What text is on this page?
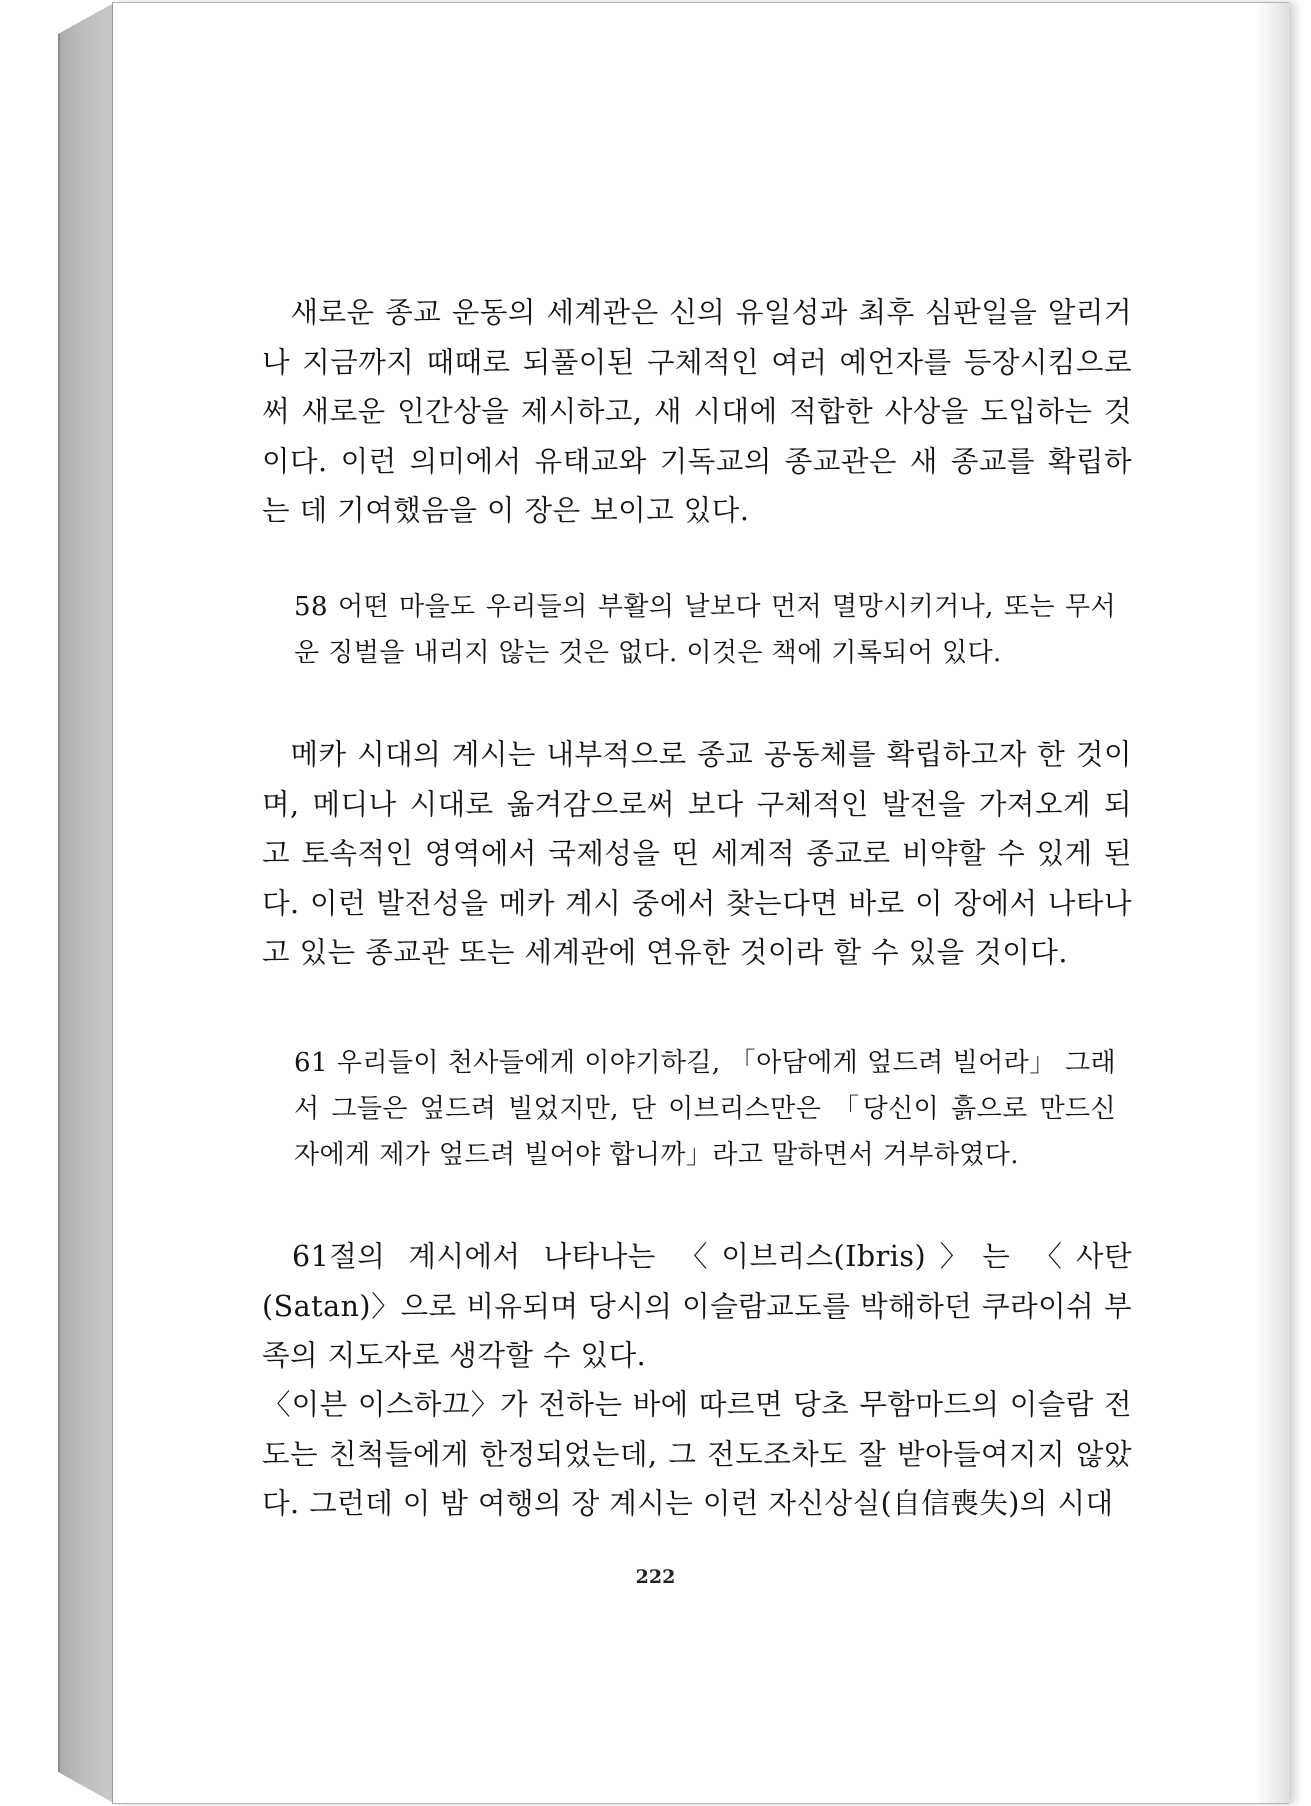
새로운 종교 운동의 세계관은 신의 유일성과 최후 심판일을 알리거나 지금까지 때때로 되풀이된 구체적인 여러 예언자를 등장시킴으로써 새로운 인간상을 제시하고, 새 시대에 적합한 사상을 도입하는 것이다. 이런 의미에서 유태교와 기독교의 종교관은 새 종교를 확립하는 데 기여했음을 이 장은 보이고 있다.

58 어떤 마을도 우리들의 부활의 날보다 먼저 멸망시키거나, 또는 무서운 징벌을 내리지 않는 것은 없다. 이것은 책에 기록되어 있다.

메카 시대의 계시는 내부적으로 종교 공동체를 확립하고자 한 것이며, 메디나 시대로 옮겨감으로써 보다 구체적인 발전을 가져오게 되고 토속적인 영역에서 국제성을 띤 세계적 종교로 비약할 수 있게 된다. 이런 발전성을 메카 계시 중에서 찾는다면 바로 이 장에서 나타나고 있는 종교관 또는 세계관에 연유한 것이라 할 수 있을 것이다.

61 우리들이 천사들에게 이야기하길, 「아담에게 엎드려 빌어라」 그래서 그들은 엎드려 빌었지만, 단 이브리스만은 「당신이 흙으로 만드신 자에게 제가 엎드려 빌어야 합니까」라고 말하면서 거부하였다.

61절의 계시에서 나타나는 〈이브리스(Ibris)〉는 〈사탄(Satan)〉으로 비유되며 당시의 이슬람교도를 박해하던 쿠라이쉬 부족의 지도자로 생각할 수 있다.

〈이븐 이스하끄〉가 전하는 바에 따르면 당초 무함마드의 이슬람 전도는 친척들에게 한정되었는데, 그 전도조차도 잘 받아들여지지 않았다. 그런데 이 밤 여행의 장 계시는 이런 자신상실(自信喪失)의 시대

222
